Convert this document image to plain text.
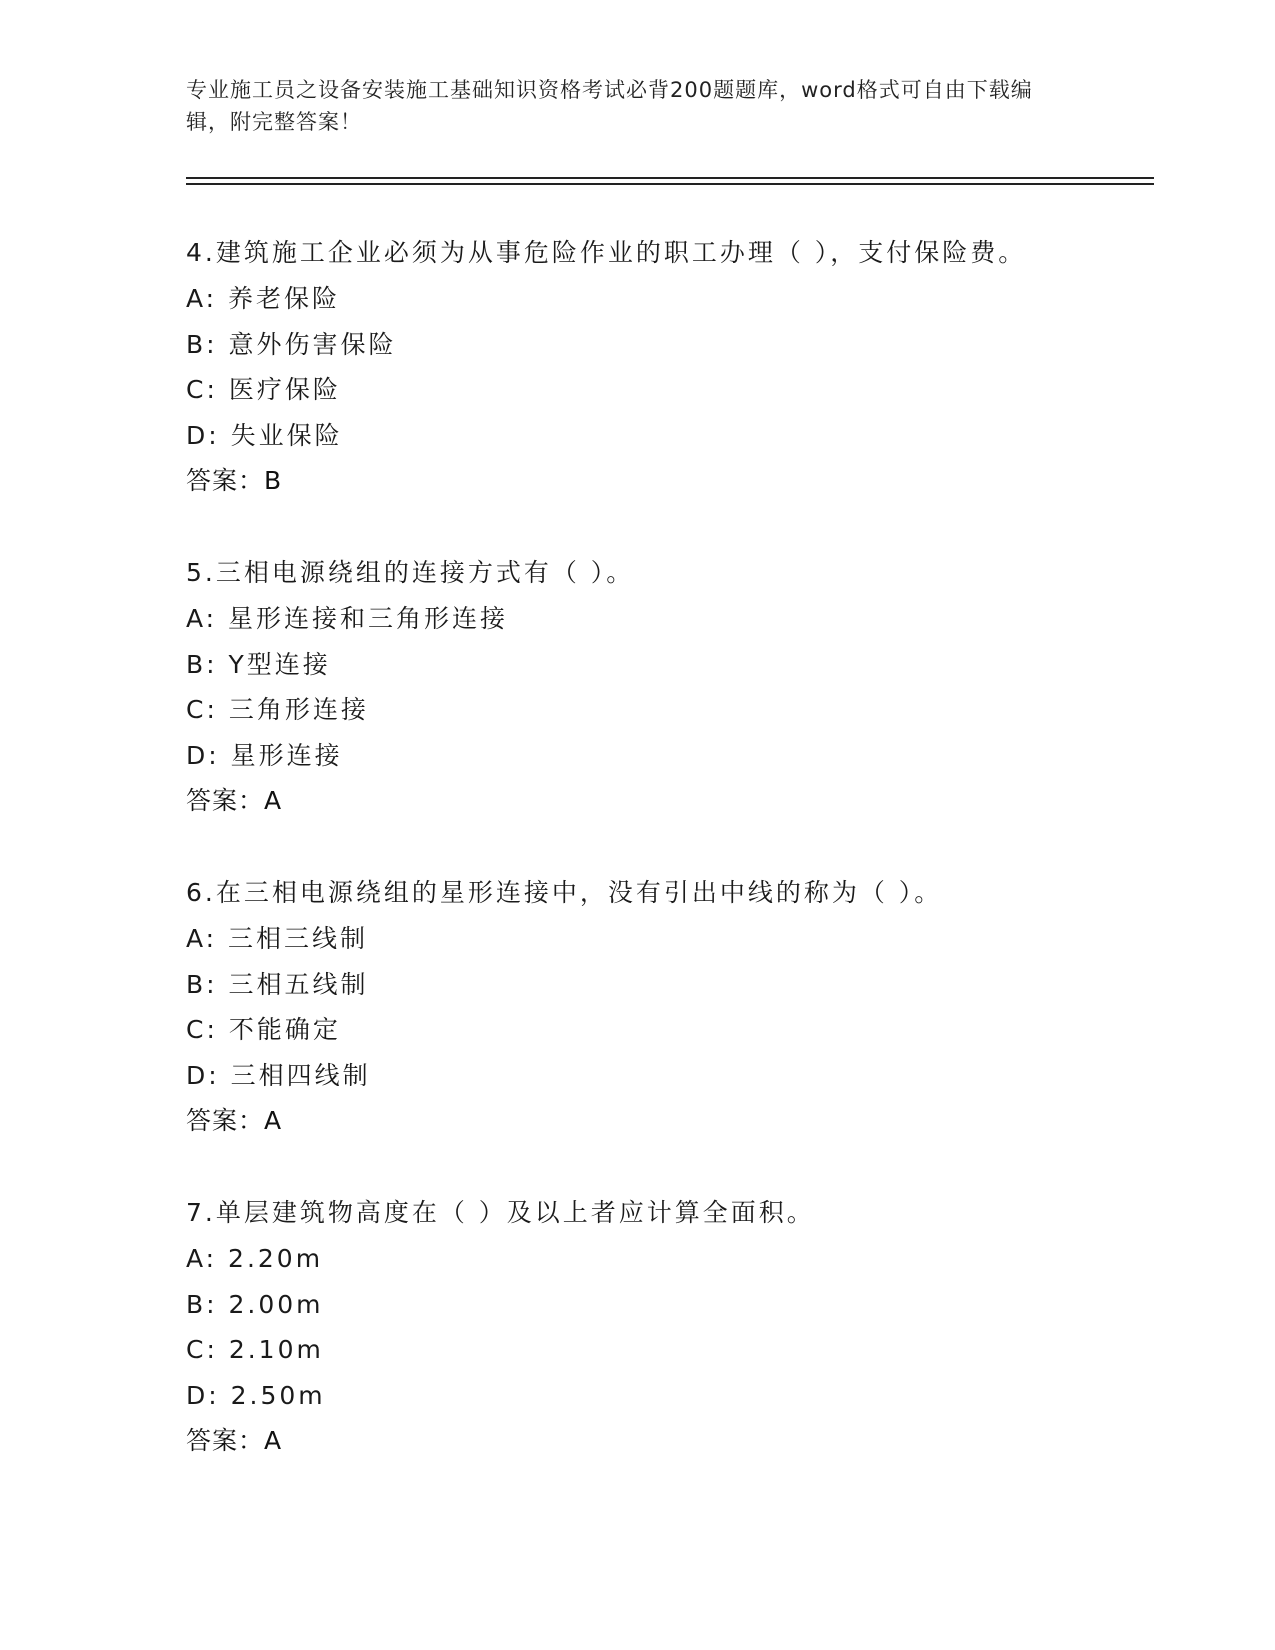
专业施工员之设备安装施工基础知识资格考试必背200题题库，word格式可自由下载编辑，附完整答案！
4.建筑施工企业必须为从事危险作业的职工办理（ ），支付保险费。
A: 养老保险
B: 意外伤害保险
C: 医疗保险
D: 失业保险
答案：B
5.三相电源绕组的连接方式有（ ）。
A: 星形连接和三角形连接
B: Y型连接
C: 三角形连接
D: 星形连接
答案：A
6.在三相电源绕组的星形连接中，没有引出中线的称为（ ）。
A: 三相三线制
B: 三相五线制
C: 不能确定
D: 三相四线制
答案：A
7.单层建筑物高度在（ ）及以上者应计算全面积。
A: 2.20m
B: 2.00m
C: 2.10m
D: 2.50m
答案：A
